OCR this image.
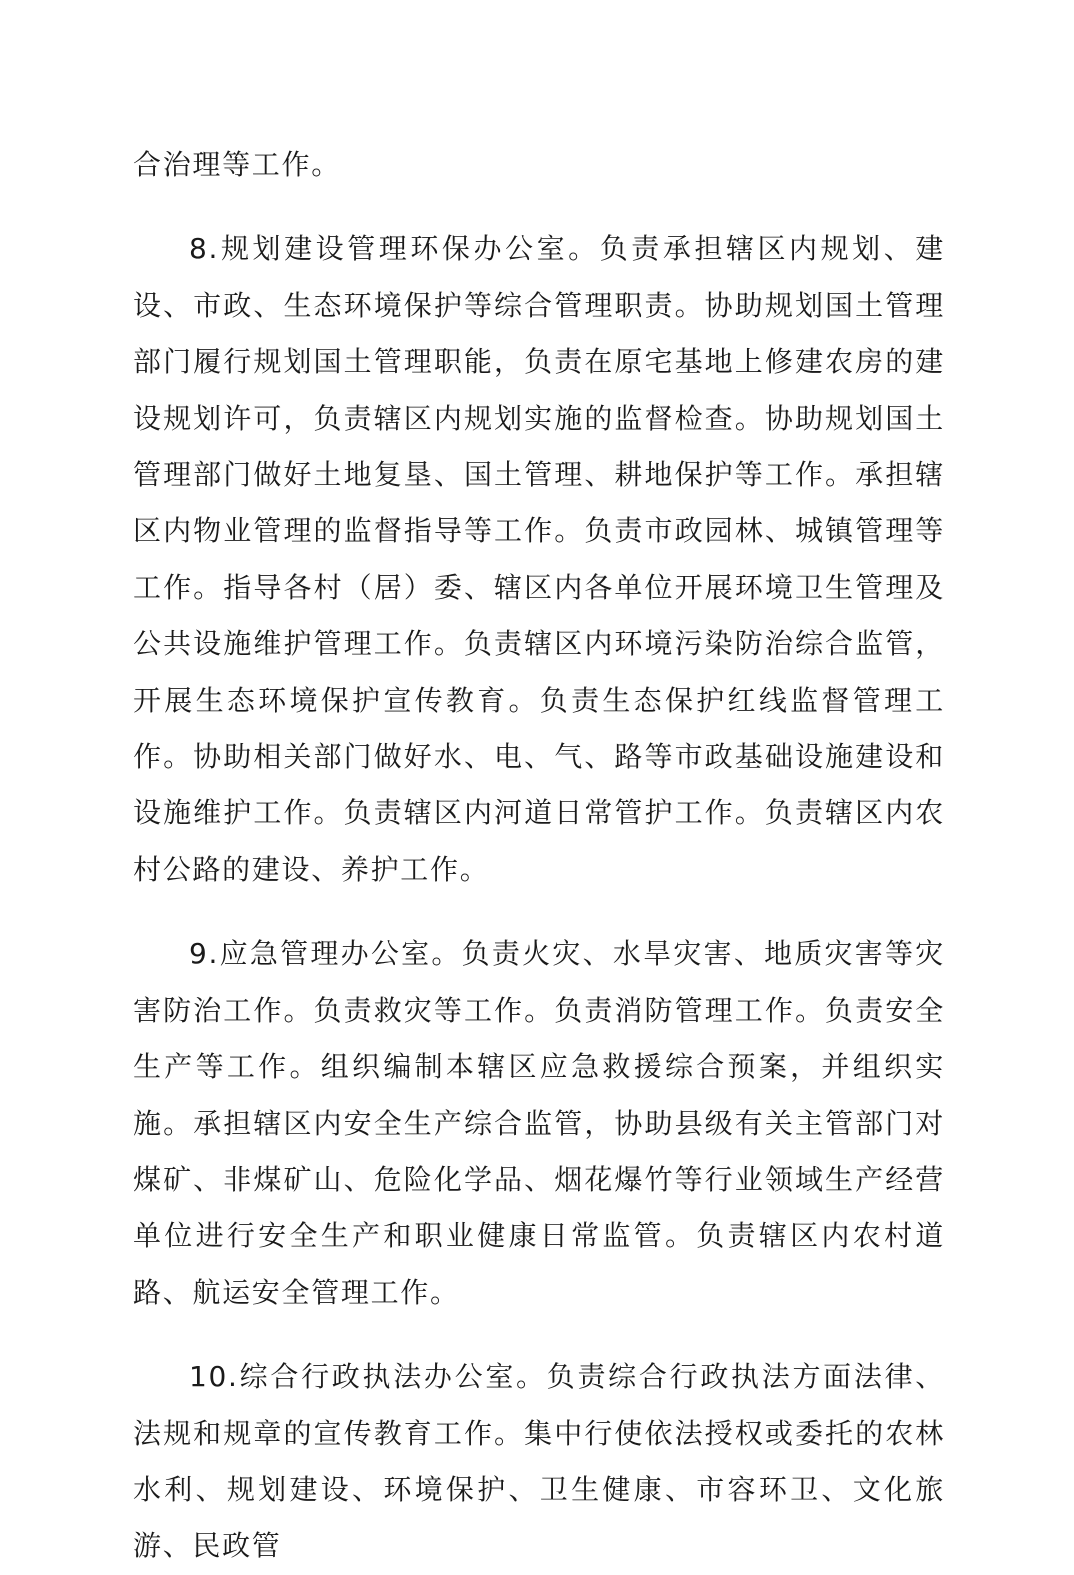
合治理等工作。

8.规划建设管理环保办公室。负责承担辖区内规划、建设、市政、生态环境保护等综合管理职责。协助规划国土管理部门履行规划国土管理职能，负责在原宅基地上修建农房的建设规划许可，负责辖区内规划实施的监督检查。协助规划国土管理部门做好土地复垦、国土管理、耕地保护等工作。承担辖区内物业管理的监督指导等工作。负责市政园林、城镇管理等工作。指导各村（居）委、辖区内各单位开展环境卫生管理及公共设施维护管理工作。负责辖区内环境污染防治综合监管，开展生态环境保护宣传教育。负责生态保护红线监督管理工作。协助相关部门做好水、电、气、路等市政基础设施建设和设施维护工作。负责辖区内河道日常管护工作。负责辖区内农村公路的建设、养护工作。

9.应急管理办公室。负责火灾、水旱灾害、地质灾害等灾害防治工作。负责救灾等工作。负责消防管理工作。负责安全生产等工作。组织编制本辖区应急救援综合预案，并组织实施。承担辖区内安全生产综合监管，协助县级有关主管部门对煤矿、非煤矿山、危险化学品、烟花爆竹等行业领域生产经营单位进行安全生产和职业健康日常监管。负责辖区内农村道路、航运安全管理工作。

10.综合行政执法办公室。负责综合行政执法方面法律、法规和规章的宣传教育工作。集中行使依法授权或委托的农林水利、规划建设、环境保护、卫生健康、市容环卫、文化旅游、民政管
